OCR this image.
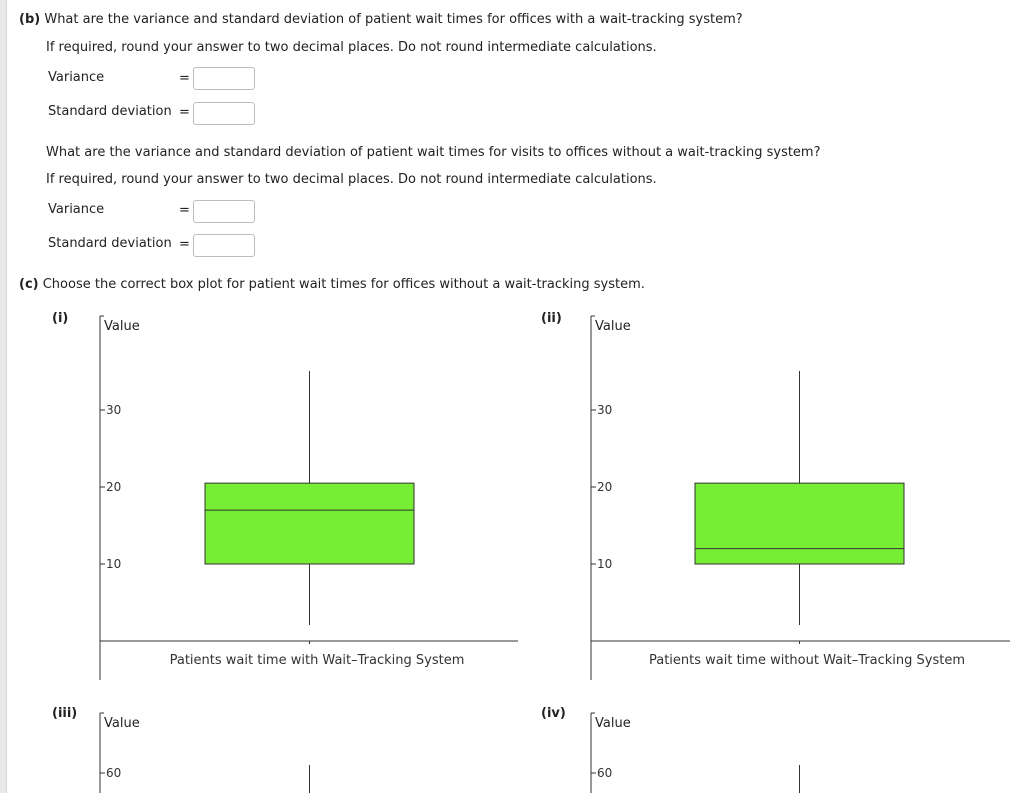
(b) What are the variance and standard deviation of patient wait times for offices with a wait-tracking system?
If required, round your answer to two decimal places. Do not round intermediate calculations.
Variance	=
Standard deviation =
What are the variance and standard deviation of patient wait times for visits to offices without a wait-tracking system?
If required, round your answer to two decimal places. Do not round intermediate calculations.
Variance	=
Standard deviation =
(c) Choose the correct box plot for patient wait times for offices without a wait-tracking system.
(i)	(ii)
(iii)	(iv)
Value
10
20
30
Patients wait time with Wait–Tracking System
Value
10
20
30
Patients wait time without Wait–Tracking System
Value
60
Value
60
